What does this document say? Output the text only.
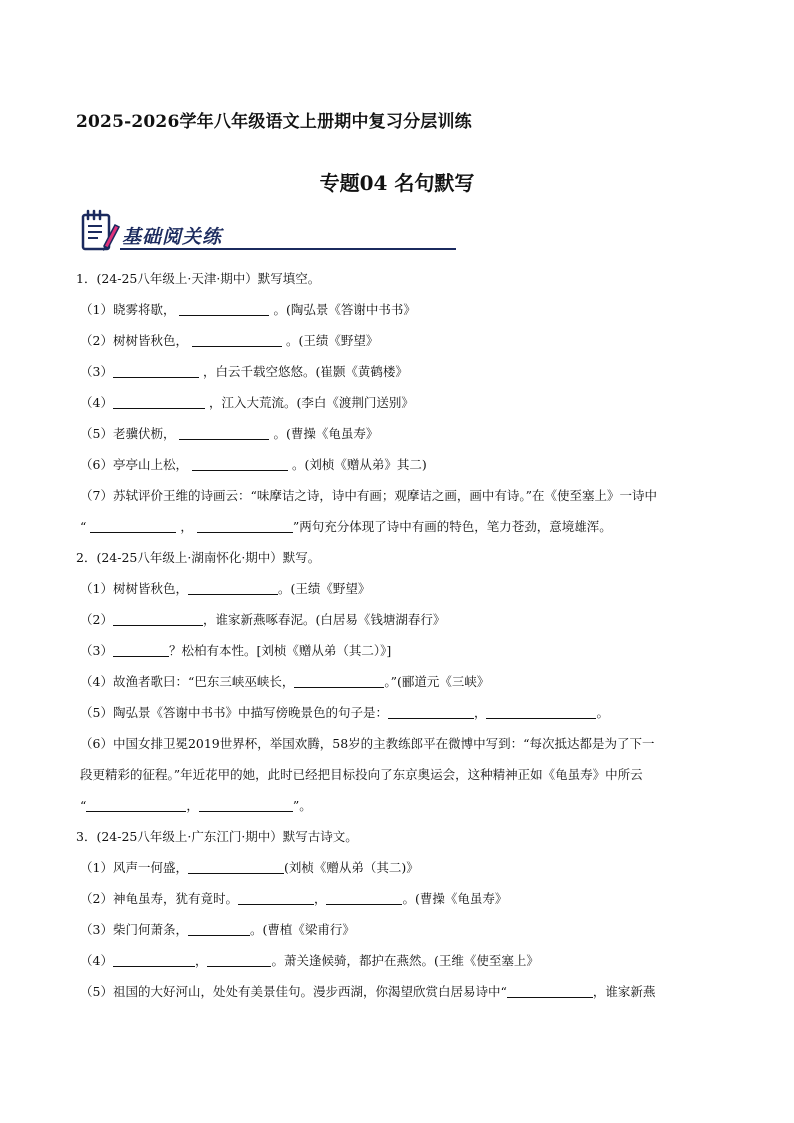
2025-2026学年八年级语文上册期中复习分层训练
专题04 名句默写
基础阅关练
1．(24-25八年级上·天津·期中）默写填空。
（1）晓雾将歇，	。(陶弘景《答谢中书书》
（2）树树皆秋色，	。(王绩《野望》
（3）	，白云千载空悠悠。(崔颢《黄鹤楼》
（4）	，江入大荒流。(李白《渡荆门送别》
（5）老骥伏枥，	。(曹操《龟虽寿》
（6）亭亭山上松，	。(刘桢《赠从弟》其二)
（7）苏轼评价王维的诗画云：“味摩诘之诗，诗中有画；观摩诘之画，画中有诗。”在《使至塞上》一诗中
“	，	”两句充分体现了诗中有画的特色，笔力苍劲，意境雄浑。
2．(24-25八年级上·湖南怀化·期中）默写。
（1）树树皆秋色，	。(王绩《野望》
（2）	，谁家新燕啄春泥。(白居易《钱塘湖春行》
（3）	？松柏有本性。[刘桢《赠从弟（其二）》]
（4）故渔者歌曰：“巴东三峡巫峡长，	。”(郦道元《三峡》
（5）陶弘景《答谢中书书》中描写傍晚景色的句子是：	，	。
（6）中国女排卫冕2019世界杯，举国欢腾，58岁的主教练郎平在微博中写到：“每次抵达都是为了下一
段更精彩的征程。”年近花甲的她，此时已经把目标投向了东京奥运会，这种精神正如《龟虽寿》中所云
“	，	”。
3．(24-25八年级上·广东江门·期中）默写古诗文。
（1）风声一何盛，	(刘桢《赠从弟（其二)》
（2）神龟虽寿，犹有竟时。	，	。(曹操《龟虽寿》
（3）柴门何萧条，	。(曹植《梁甫行》
（4）	，	。萧关逢候骑，都护在燕然。(王维《使至塞上》
（5）祖国的大好河山，处处有美景佳句。漫步西湖，你渴望欣赏白居易诗中“	，谁家新燕
